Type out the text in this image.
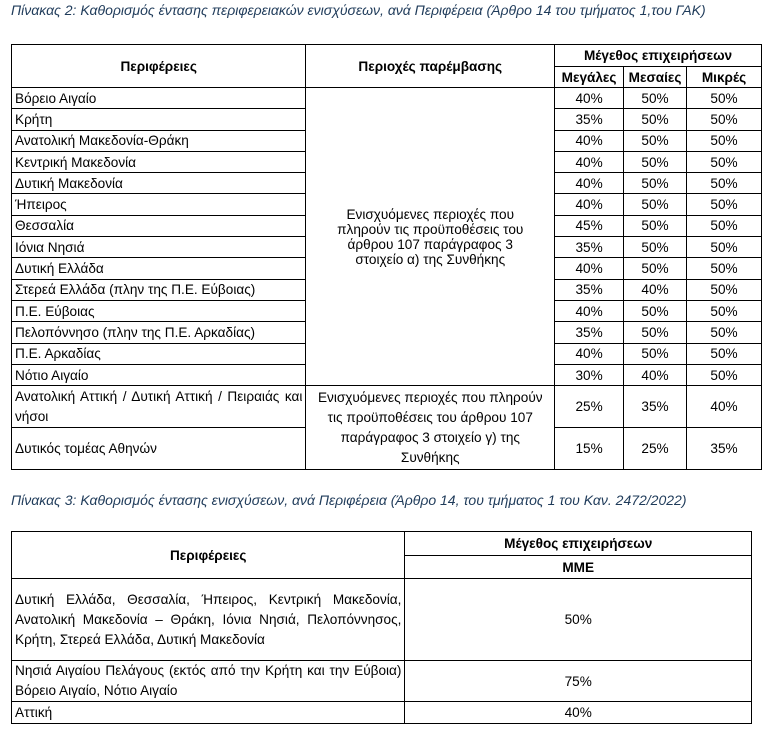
Πίνακας 2: Καθορισμός έντασης περιφερειακών ενισχύσεων, ανά Περιφέρεια (Άρθρο 14 του τμήματος 1,του ΓΑΚ)
Περιφέρειες	Περιοχές παρέμβασης	Μέγεθος επιχειρήσεων		
		Μεγάλες	Μεσαίες	Μικρές
Βόρειο Αιγαίο	Ενισχυόμενες περιοχές που πληρούν τις προϋποθέσεις του άρθρου 107 παράγραφος 3 στοιχείο α) της Συνθήκης	40%	50%	50%
Κρήτη		35%	50%	50%
Ανατολική Μακεδονία-Θράκη		40%	50%	50%
Κεντρική Μακεδονία		40%	50%	50%
Δυτική Μακεδονία		40%	50%	50%
Ήπειρος		40%	50%	50%
Θεσσαλία		45%	50%	50%
Ιόνια Νησιά		35%	50%	50%
Δυτική Ελλάδα		40%	50%	50%
Στερεά Ελλάδα (πλην της Π.Ε. Εύβοιας)		35%	40%	50%
Π.Ε. Εύβοιας		40%	50%	50%
Πελοπόννησο (πλην της Π.Ε. Αρκαδίας)		35%	50%	50%
Π.Ε. Αρκαδίας		40%	50%	50%
Νότιο Αιγαίο		30%	40%	50%
Ανατολική Αττική / Δυτική Αττική / Πειραιάς και νήσοι	Ενισχυόμενες περιοχές που πληρούν τις προϋποθέσεις του άρθρου 107 παράγραφος 3 στοιχείο γ) της Συνθήκης	25%	35%	40%
Δυτικός τομέας Αθηνών		15%	25%	35%
Πίνακας 3: Καθορισμός έντασης ενισχύσεων, ανά Περιφέρεια (Άρθρο 14, του τμήματος 1 του Καν. 2472/2022)
Περιφέρειες	Μέγεθος επιχειρήσεων
	ΜΜΕ
Δυτική Ελλάδα, Θεσσαλία, Ήπειρος, Κεντρική Μακεδονία, Ανατολική Μακεδονία – Θράκη, Ιόνια Νησιά, Πελοπόννησος, Κρήτη, Στερεά Ελλάδα, Δυτική Μακεδονία	50%
Νησιά Αιγαίου Πελάγους (εκτός από την Κρήτη και την Εύβοια) Βόρειο Αιγαίο, Νότιο Αιγαίο	75%
Αττική	40%
